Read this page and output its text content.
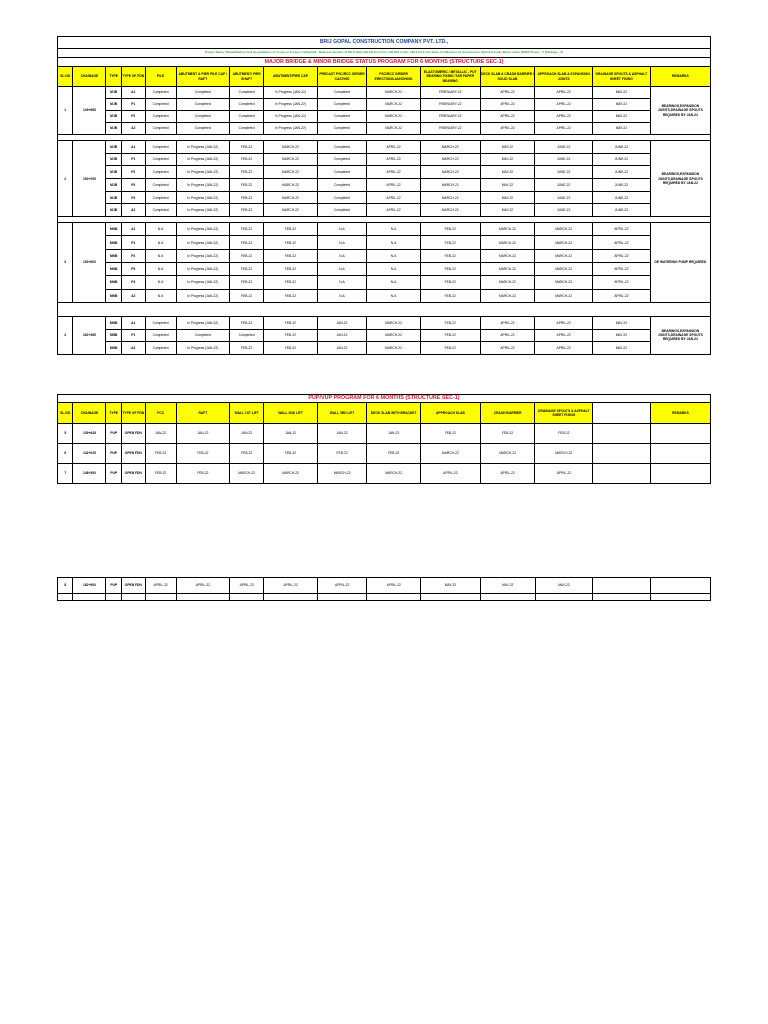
BRIJ GOPAL CONSTRUCTION COMPANY PVT. LTD.,														
Project Name: Rehabilitation And Up-gradation of 4 Lane to 6-Lane of Bhadrak - Balasore Section of NH-5 (New NH-16) from Km. 136.500 to Km. 199.141) in the State of Odisha to be Executed as Hybrid Annuity Mode Under NHDP Phase - V (Package - II)														
MAJOR BRIDGE & MINOR BRIDGE STATUS PROGRAM FOR 6 MONTHS (STRUCTURE SEC-1)														
SL.NO	CHAINAGE	TYPE	TYPE OF FDN	PILE	ABUTMENT & PIER PILE CAP / RAFT	ABUTMENT/ PIER SHAFT	ABUTMENT/PIER CAP	PRECAST PSC/RCC GIRDER CASTING	PSC/RCC GIRDER ERECTION/LAUNCHING	ELASTOMERIC / METALLIC - POT BEARING FIXING /TAR PAPER BEARING	DECK SLAB & CRASH BARRIER / SOLID SLAB	APPROACH SLAB & EXPANSION JOINTS	DRAINAGE SPOUTS & ASPHALT SHEET FIXING	REMARKS
1	149+685	MJB	A1	Completed	Completed	Completed	In Progress (JAN-22)	Completed	MARCH-22	FEBRUARY-22	APRIL-22	APRIL-22	MAY-22	BEARINGS,EXPANSION JOINTS,DRAINAGE SPOUTS REQUIRED BY JAN-22
		MJB	P1	Completed	Completed	Completed	In Progress (JAN-22)	Completed	MARCH-22	FEBRUARY-22	APRIL-22	APRIL-22	MAY-22	
		MJB	P2	Completed	Completed	Completed	In Progress (JAN-22)	Completed	MARCH-22	FEBRUARY-22	APRIL-22	APRIL-22	MAY-22	
		MJB	A2	Completed	Completed	Completed	In Progress (JAN-22)	Completed	MARCH-22	FEBRUARY-22	APRIL-22	APRIL-22	MAY-22	

2	150+205	MJB	A1	Completed	In Progress (JAN-22)	FEB-22	MARCH-22	Completed	APRIL-22	MARCH-22	MAY-22	JUNE-22	JUNE-22	BEARINGS,EXPANSION JOINTS,DRAINAGE SPOUTS REQUIRED BY JAN-22
		MJB	P1	Completed	In Progress (JAN-22)	FEB-22	MARCH-22	Completed	APRIL-22	MARCH-22	MAY-22	JUNE-22	JUNE-22	
		MJB	P2	Completed	In Progress (JAN-22)	FEB-22	MARCH-22	Completed	APRIL-22	MARCH-22	MAY-22	JUNE-22	JUNE-22	
		MJB	P3	Completed	In Progress (JAN-22)	FEB-22	MARCH-22	Completed	APRIL-22	MARCH-22	MAY-22	JUNE-22	JUNE-22	
		MJB	P4	Completed	In Progress (JAN-22)	FEB-22	MARCH-22	Completed	APRIL-22	MARCH-22	MAY-22	JUNE-22	JUNE-22	
		MJB	A2	Completed	In Progress (JAN-22)	FEB-22	MARCH-22	Completed	APRIL-22	MARCH-22	MAY-22	JUNE-22	JUNE-22	

3	150+600	MNB	A1	N.A	In Progress (JAN-22)	FEB-22	FEB-22	N.A	N.A	FEB-22	MARCH-22	MARCH-22	APRIL-22	DE WATERING PUMP REQUIRED
		MNB	P1	N.A	In Progress (JAN-22)	FEB-22	FEB-22	N.A	N.A	FEB-22	MARCH-22	MARCH-22	APRIL-22	
		MNB	P2	N.A	In Progress (JAN-22)	FEB-22	FEB-22	N.A	N.A	FEB-22	MARCH-22	MARCH-22	APRIL-22	
		MNB	P3	N.A	In Progress (JAN-22)	FEB-22	FEB-22	N.A	N.A	FEB-22	MARCH-22	MARCH-22	APRIL-22	
		MNB	P4	N.A	In Progress (JAN-22)	FEB-22	FEB-22	N.A	N.A	FEB-22	MARCH-22	MARCH-22	APRIL-22	
		MNB	A2	N.A	In Progress (JAN-22)	FEB-22	FEB-22	N.A	N.A	FEB-22	MARCH-22	MARCH-22	APRIL-22	

4	162+465	MNB	A1	Completed	In Progress (JAN-22)	FEB-22	FEB-22	JAN-22	MARCH-22	FEB-22	APRIL-22	APRIL-22	MAY-22	BEARINGS,EXPANSION JOINTS,DRAINAGE SPOUTS REQUIRED BY JAN-22
		MNB	P1	Completed	Completed	Completed	FEB-22	JAN-22	MARCH-22	FEB-22	APRIL-22	APRIL-22	MAY-22	
		MNB	A2	Completed	In Progress (JAN-22)	FEB-22	FEB-22	JAN-22	MARCH-22	FEB-22	APRIL-22	APRIL-22	MAY-22	
PUP/VUP PROGRAM FOR 6 MONTHS (STRUCTURE SEC-1)														
SL.NO	CHAINAGE	TYPE	TYPE OF FDN	PCC	RAFT	WALL 1ST LIFT	WALL 2ND LIFT	WALL 3RD LIFT	DECK SLAB WITH BRACKET	APPROACH SLAB	CRASH BARRIER	DRAINAGE SPOUTS & ASPHALT SHEET FIXING		REMARKS
5	139+645	PUP	OPEN FDN	JAN-22	JAN-22	JAN-22	JAN-22	JAN-22	JAN-22	FEB-22	FEB-22	FEB-22		
6	142+025	PUP	OPEN FDN	FEB-22	FEB-22	FEB-22	FEB-22	FEB-22	FEB-22	MARCH-22	MARCH-22	MARCH-22		
7	148+300	PUP	OPEN FDN	FEB-22	FEB-22	MARCH-22	MARCH-22	MARCH-22	MARCH-22	APRIL-22	APRIL-22	APRIL-22		
8	162+900	PUP	OPEN FDN	APRIL-22	APRIL-22	APRIL-22	APRIL-22	APRIL-22	APRIL-22	MAY-22	MAY-22	MAY-22		
